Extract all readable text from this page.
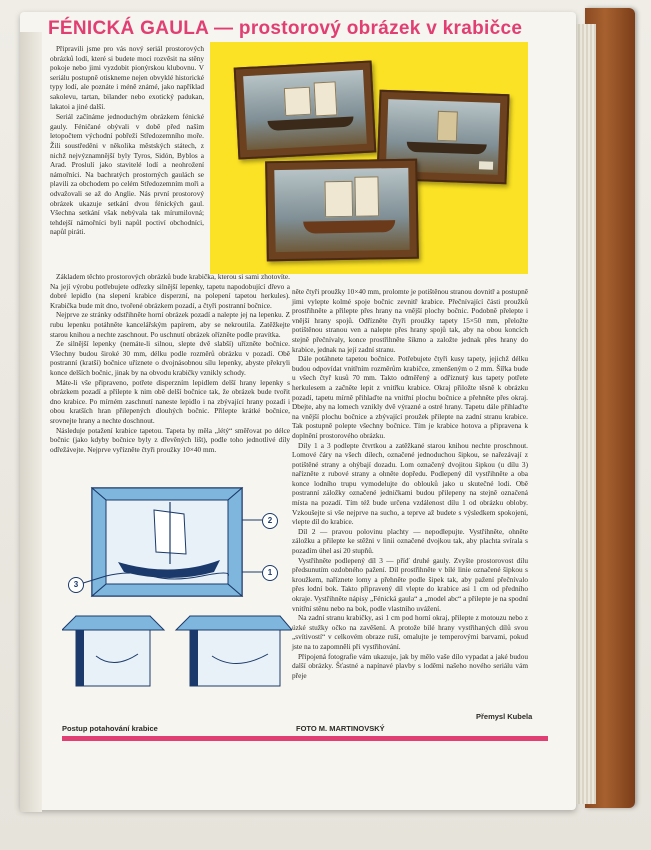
FÉNICKÁ GAULA — prostorový obrázek v krabičce

Připravili jsme pro vás nový seriál prostorových obrázků lodí, které si budete moci rozvěsit na stěny pokoje nebo jimi vyzdobit pionýrskou klubovnu. V seriálu postupně otiskneme nejen obvyklé historické typy lodí, ale poznáte i méně známé, jako například sakolevu, tartan, bilander nebo exotický padukan, lakatoi a jiné další.

Seriál začínáme jednoduchým obrázkem fénické gauly. Féničané obývali v době před naším letopočtem východní pobřeží Středozemního moře. Žili soustředěni v několika městských státech, z nichž nejvýznamnější byly Tyros, Sidón, Byblos a Arad. Proslulí jako stavitelé lodí a neohrožení námořníci. Na bachratých prostorných gaulách se plavili za obchodem po celém Středozemním moři a odvažovali se až do Anglie. Nás první prostorový obrázek ukazuje setkání dvou fénických gaul. Všechna setkání však nebývala tak mírumilovná; tehdejší námořníci byli napůl poctiví obchodníci, napůl piráti.

Základem těchto prostorových obrázků bude krabička, kterou si sami zhotovíte. Na její výrobu potřebujete odřezky silnější lepenky, tapetu napodobující dřevo a dobré lepidlo (na slepení krabice disperzní, na polepení tapetou herkules). Krabička bude mít dno, tvořené obrázkem pozadí, a čtyři postranní bočnice.

Nejprve ze stránky odstřihněte horní obrázek pozadí a nalepte jej na lepenku. Z rubu lepenku potáhněte kancelářským papírem, aby se nekroutila. Zatěžkejte starou knihou a nechte zaschnout. Po uschnutí obrázek ořízněte podle pravítka.

Ze silnější lepenky (nemáte-li silnou, slepte dvě slabší) uřízněte bočnice. Všechny budou široké 30 mm, délku podle rozměrů obrázku v pozadí. Obě postranní (kratší) bočnice uříznete o dvojnásobnou sílu lepenky, abyste překryli konce delších bočnic, jinak by na obvodu krabičky vznikly schody.

Máte-li vše připraveno, potřete disperzním lepidlem delší hrany lepenky s obrázkem pozadí a přilepte k nim obě delší bočnice tak, že obrázek bude tvořit dno krabice. Po mírném zaschnutí naneste lepidlo i na zbývající hrany pozadí i obou kratších hran přilepených dlouhých bočnic. Přilepte krátké bočnice, srovnejte hrany a nechte doschnout.

Následuje potažení krabice tapetou. Tapeta by měla „létý“ směřovat po délce bočnic (jako kdyby bočnice byly z dřevěných lišt), podle toho jednotlivé díly odřežávejte. Nejprve vyřízněte čtyři proužky 10×40 mm.

něte čtyři proužky 10×40 mm, prolomte je potištěnou stranou dovnitř a postupně jimi vylepte kolmé spoje bočnic zevnitř krabice. Přečnívající části proužků prostřihněte a přilepte přes hrany na vnější plochy bočnic. Podobně přelepte i vnější hrany spojů. Odřízněte čtyři proužky tapety 15×50 mm, přeložte potištěnou stranou ven a nalepte přes hrany spojů tak, aby na obou koncích stejně přečnívaly, konce prostřihněte šikmo a založte jednak přes hrany do krabice, jednak na její zadní stranu.

Dále potáhnete tapetou bočnice. Potřebujete čtyři kusy tapety, jejichž délku budou odpovídat vnitřním rozměrům krabičce, zmenšeným o 2 mm. Šířka bude u všech čtyř kusů 70 mm. Takto odměřený a odříznutý kus tapety potřete herkulesem a začněte lepit z vnitřku krabice. Okraj přiložte těsně k obrázku pozadí, tapetu mírně přihlaďte na vnitřní plochu bočnice a přehněte přes okraj. Dbejte, aby na lomech vznikly dvě výrazné a ostré hrany. Tapetu dále přihlaďte na vnější plochu bočnice a zbývající proužek přilepte na zadní stranu krabice. Tak postupně polepte všechny bočnice. Tím je krabice hotova a připravena k doplnění prostorového obrázku.

Díly 1 a 3 podlepte čtvrtkou a zatěžkané starou knihou nechte proschnout. Lomové čáry na všech dílech, označené jednoduchou šipkou, se nařezávají z potištěné strany a ohýbají dozadu. Lom označený dvojitou šipkou (u dílu 3) nařízněte z rubové strany a ohněte dopředu. Podlepený díl vystřihněte a oba konce lodního trupu vymodelujte do oblouků jako u skutečné lodi. Obě postranní záložky označené jedničkami budou přilepeny na stejně označená místa na pozadí. Tím též bude určena vzdálenost dílu 1 od obrázku obloby. Vzkoušejte si vše nejprve na sucho, a teprve až budete s výsledkem spokojeni, vlepte díl do krabice.

Díl 2 — pravou polovinu plachty — nepodlepujte. Vystřihněte, ohněte záložku a přilepte ke stěžni v linii označené dvojkou tak, aby plachta svírala s pozadím úhel asi 20 stupňů.

Vystřihněte podlepený díl 3 — příď druhé gauly. Zvyšte prostorovost dílu předsunutím ozdobného pažení. Díl prostřihněte v bílé linie označené šipkou s kroužkem, naříznete lomy a přehněte podle šipek tak, aby pažení přečnívalo přes lodní bok. Takto připravený díl vlepte do krabice asi 1 cm od předního okraje. Vystřihněte nápisy „Fénická gaula“ a „model abc“ a přilepte je na spodní vnitřní stěnu nebo na bok, podle vlastního uvážení.

Na zadní stranu krabičky, asi 1 cm pod horní okraj, přilepte z motouzu nebo z úzké stužky očko na zavěšení. A protože bílé hrany vystřihaných dílů svou „svítivostí“ v celkovém obraze ruší, omalujte je temperovými barvami, pokud jste na to zapomněli při vystřihování.

Připojená fotografie vám ukazuje, jak by mělo vaše dílo vypadat a jaké budou další obrázky. Šťastné a napínavé plavby s loděmi našeho nového seriálu vám přeje

2
1
3
Postup potahování krabice	FOTO M. MARTINOVSKÝ
Přemysl Kubela
